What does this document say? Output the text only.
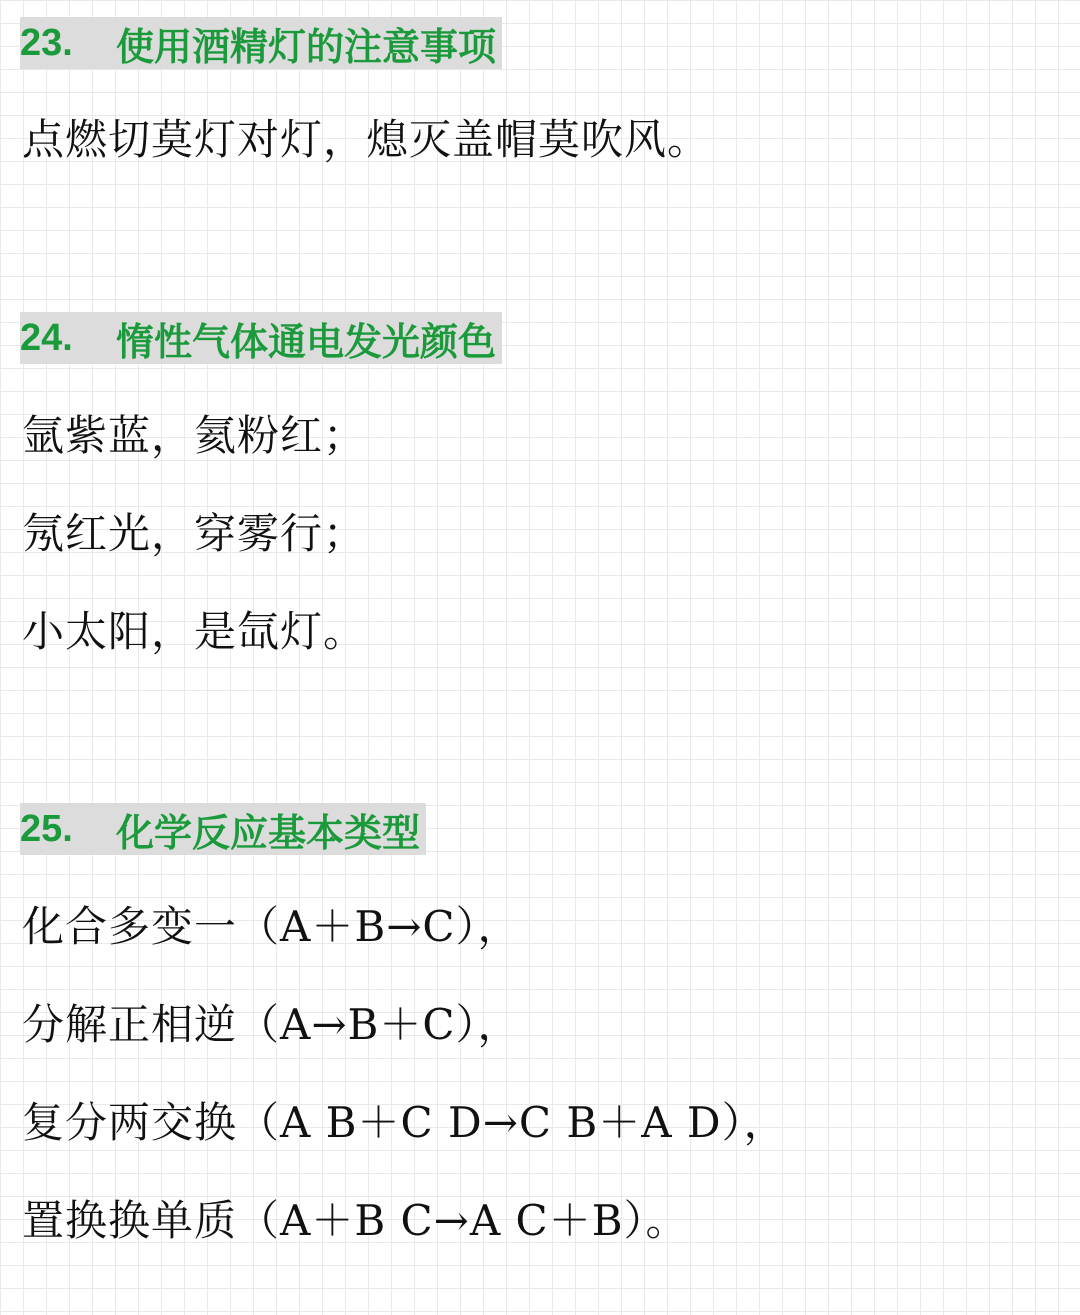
23.	使用酒精灯的注意事项
点燃切莫灯对灯，熄灭盖帽莫吹风。
24.	惰性气体通电发光颜色
氩紫蓝，氦粉红；
氖红光，穿雾行；
小太阳，是氙灯。
25.	化学反应基本类型
化合多变一（A＋B→C），
分解正相逆（A→B＋C），
复分两交换（A B＋C D→C B＋A D），
置换换单质（A＋B C→A C＋B）。
